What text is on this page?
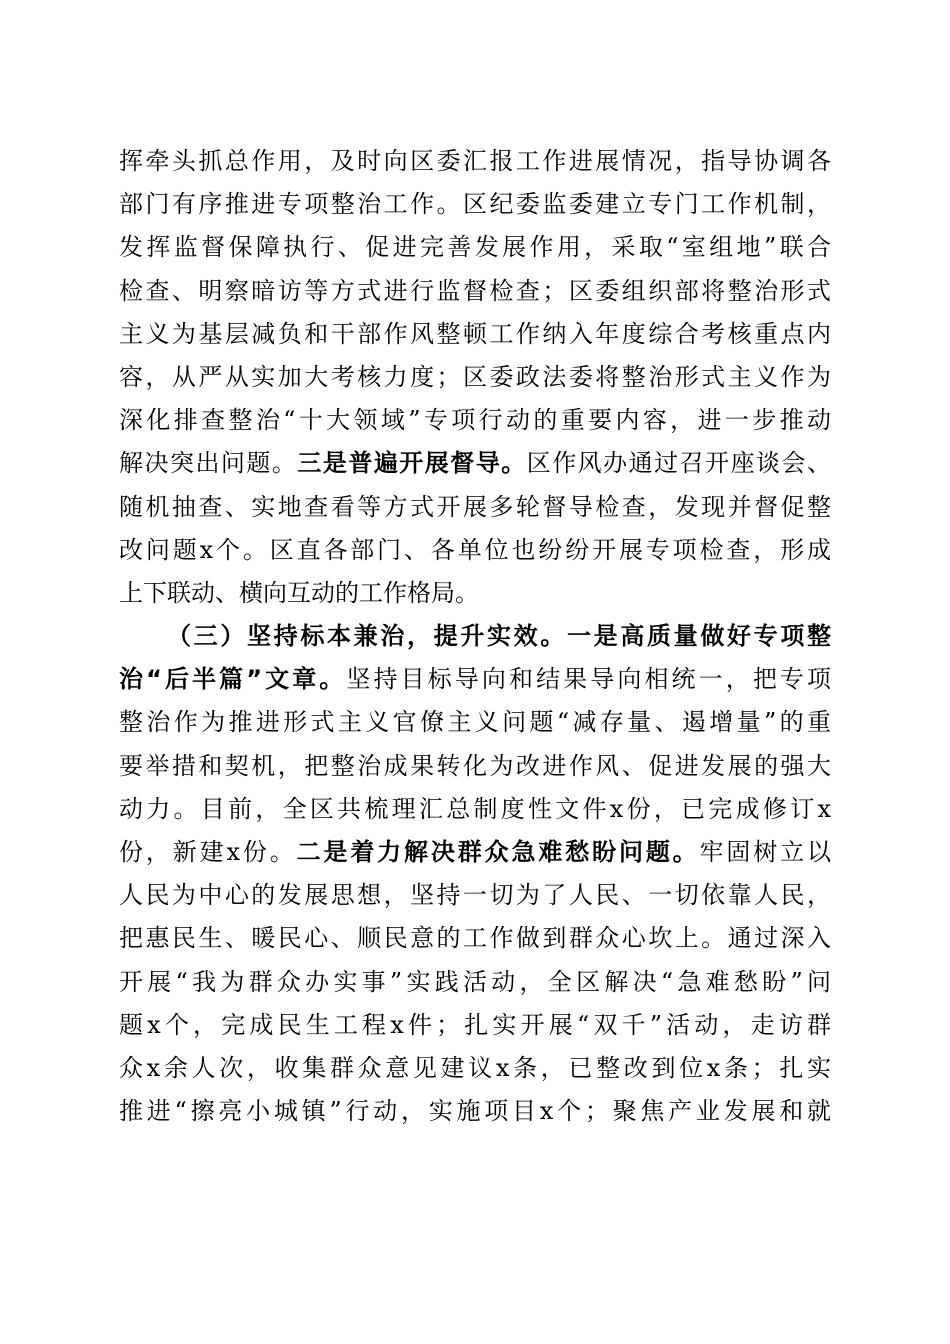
挥牵头抓总作用，及时向区委汇报工作进展情况，指导协调各
部门有序推进专项整治工作。区纪委监委建立专门工作机制，
发挥监督保障执行、促进完善发展作用，采取“室组地”联合
检查、明察暗访等方式进行监督检查；区委组织部将整治形式
主义为基层减负和干部作风整顿工作纳入年度综合考核重点内
容，从严从实加大考核力度；区委政法委将整治形式主义作为
深化排查整治“十大领域”专项行动的重要内容，进一步推动
解决突出问题。三是普遍开展督导。区作风办通过召开座谈会、
随机抽查、实地查看等方式开展多轮督导检查，发现并督促整
改问题x个。区直各部门、各单位也纷纷开展专项检查，形成
上下联动、横向互动的工作格局。
（三）坚持标本兼治，提升实效。一是高质量做好专项整
治“后半篇”文章。坚持目标导向和结果导向相统一，把专项
整治作为推进形式主义官僚主义问题“减存量、遏增量”的重
要举措和契机，把整治成果转化为改进作风、促进发展的强大
动力。目前，全区共梳理汇总制度性文件x份，已完成修订x
份，新建x份。二是着力解决群众急难愁盼问题。牢固树立以
人民为中心的发展思想，坚持一切为了人民、一切依靠人民，
把惠民生、暖民心、顺民意的工作做到群众心坎上。通过深入
开展“我为群众办实事”实践活动，全区解决“急难愁盼”问
题x个，完成民生工程x件；扎实开展“双千”活动，走访群
众x余人次，收集群众意见建议x条，已整改到位x条；扎实
推进“擦亮小城镇”行动，实施项目x个；聚焦产业发展和就
